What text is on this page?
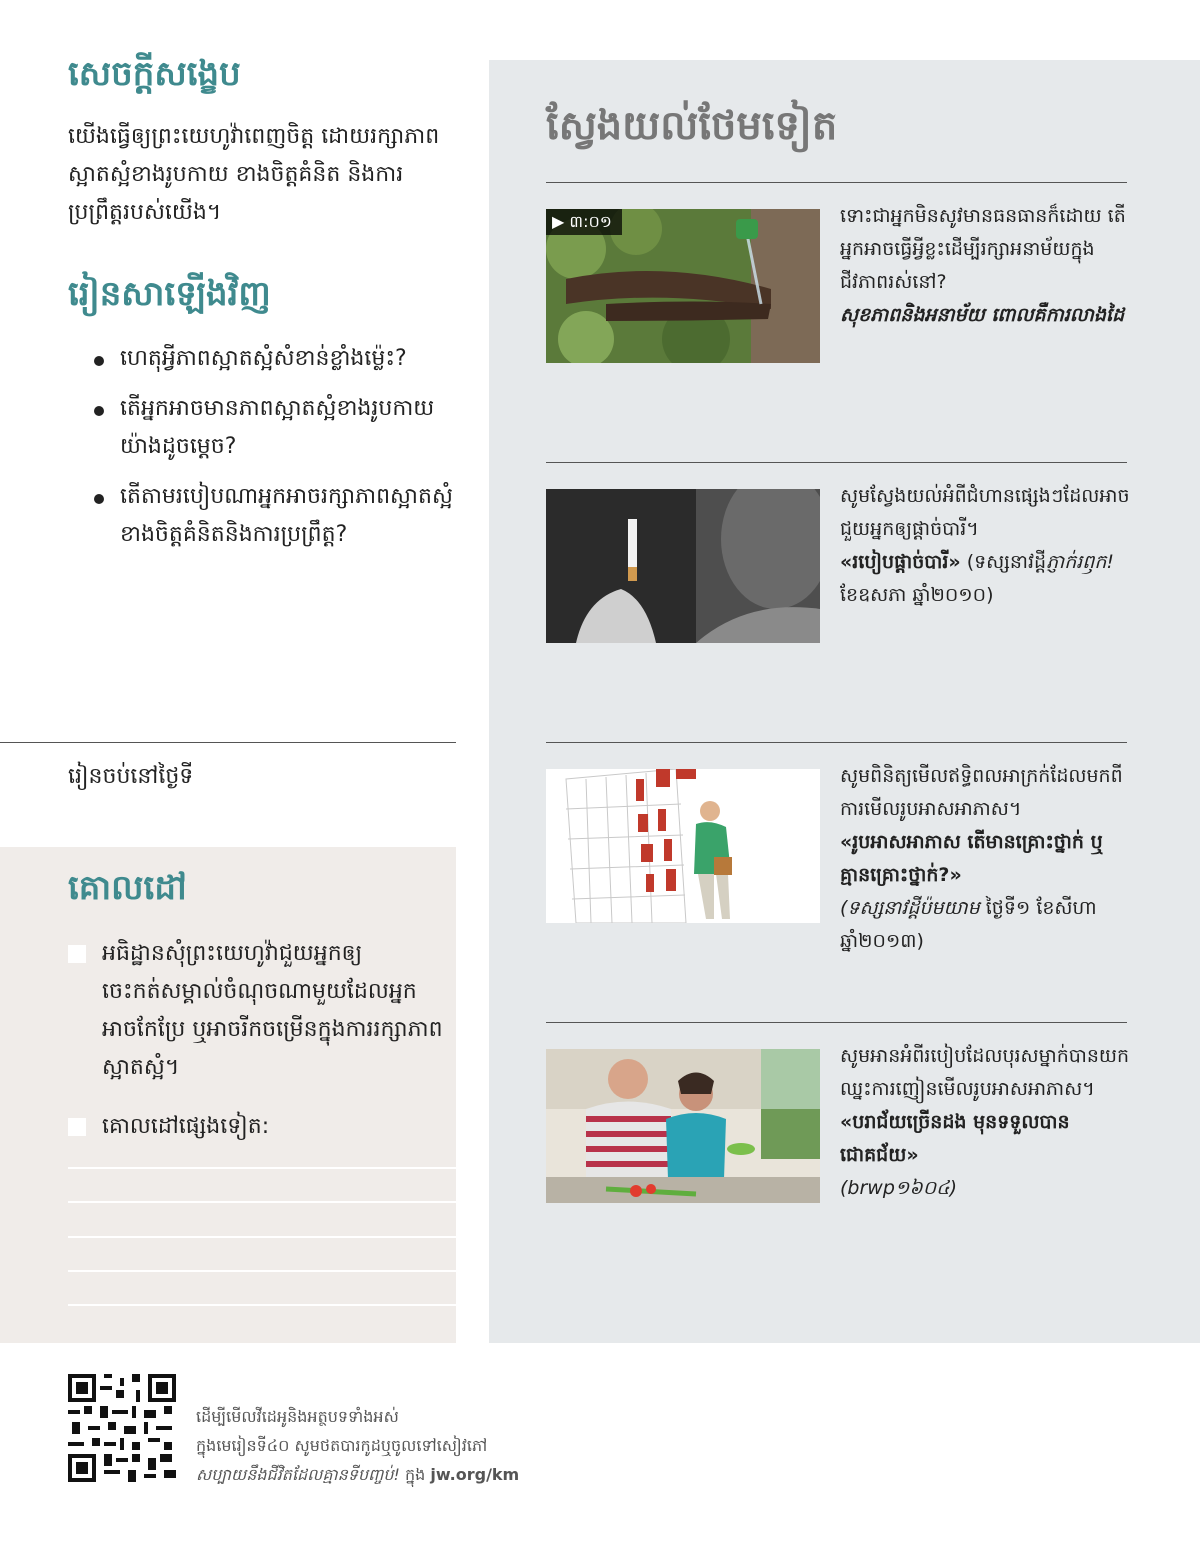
សេចក្ដីសង្ខេប

យើងធ្វើឲ្យព្រះយេហូវ៉ាពេញចិត្ត ដោយរក្សាភាពស្អាតស្អំខាងរូបកាយ ខាងចិត្តគំនិត និងការប្រព្រឹត្តរបស់យើង។

រៀនសាឡើងវិញ
ហេតុអ្វីភាពស្អាតស្អំសំខាន់ខ្លាំងម្ល៉េះ?
តើអ្នកអាចមានភាពស្អាតស្អំខាងរូបកាយយ៉ាងដូចម្ដេច?
តើតាមរបៀបណាអ្នកអាចរក្សាភាពស្អាតស្អំខាងចិត្តគំនិតនិងការប្រព្រឹត្ត?
រៀនចប់នៅថ្ងៃទី
គោលដៅ
អធិដ្ឋានសុំព្រះយេហូវ៉ាជួយអ្នកឲ្យចេះកត់សម្គាល់ចំណុចណាមួយដែលអ្នកអាចកែប្រែ ឬអាចរីកចម្រើនក្នុងការរក្សាភាពស្អាតស្អំ។
គោលដៅផ្សេងទៀត:
ស្វែងយល់ថែមទៀត
▶ ៣:០១	ទោះជាអ្នកមិនសូវមានធនធានក៏ដោយ តើអ្នកអាចធ្វើអ្វីខ្លះដើម្បីរក្សាអនាម័យក្នុងជីវភាពរស់នៅ?

សុខភាពនិងអនាម័យ ពោលគឺការលាងដៃ

សូមស្វែងយល់អំពីជំហានផ្សេងៗដែលអាចជួយអ្នកឲ្យផ្ដាច់បារី។

«របៀបផ្ដាច់បារី» (ទស្សនាវដ្ដីភ្ញាក់រឭក! ខែឧសភា ឆ្នាំ២០១០)

សូមពិនិត្យមើលឥទ្ធិពលអាក្រក់ដែលមកពីការមើលរូបអាសអាភាស។

«រូបអាសអាភាស តើមានគ្រោះថ្នាក់ ឬគ្មានគ្រោះថ្នាក់?»

(ទស្សនាវដ្ដីប៉មយាម ថ្ងៃទី១ ខែសីហា ឆ្នាំ២០១៣)

សូមអានអំពីរបៀបដែលបុរសម្នាក់បានយកឈ្នះការញៀនមើលរូបអាសអាភាស។

«បរាជ័យច្រើនដង មុនទទួលបានជោគជ័យ»

(brwp១៦០៤)

ដើម្បីមើលវីដេអូនិងអត្ថបទទាំងអស់

ក្នុងមេរៀនទី៤០ សូមថតបារកូដឬចូលទៅសៀវភៅ

សប្បាយនឹងជីវិតដែលគ្មានទីបញ្ចប់! ក្នុង jw.org/km
